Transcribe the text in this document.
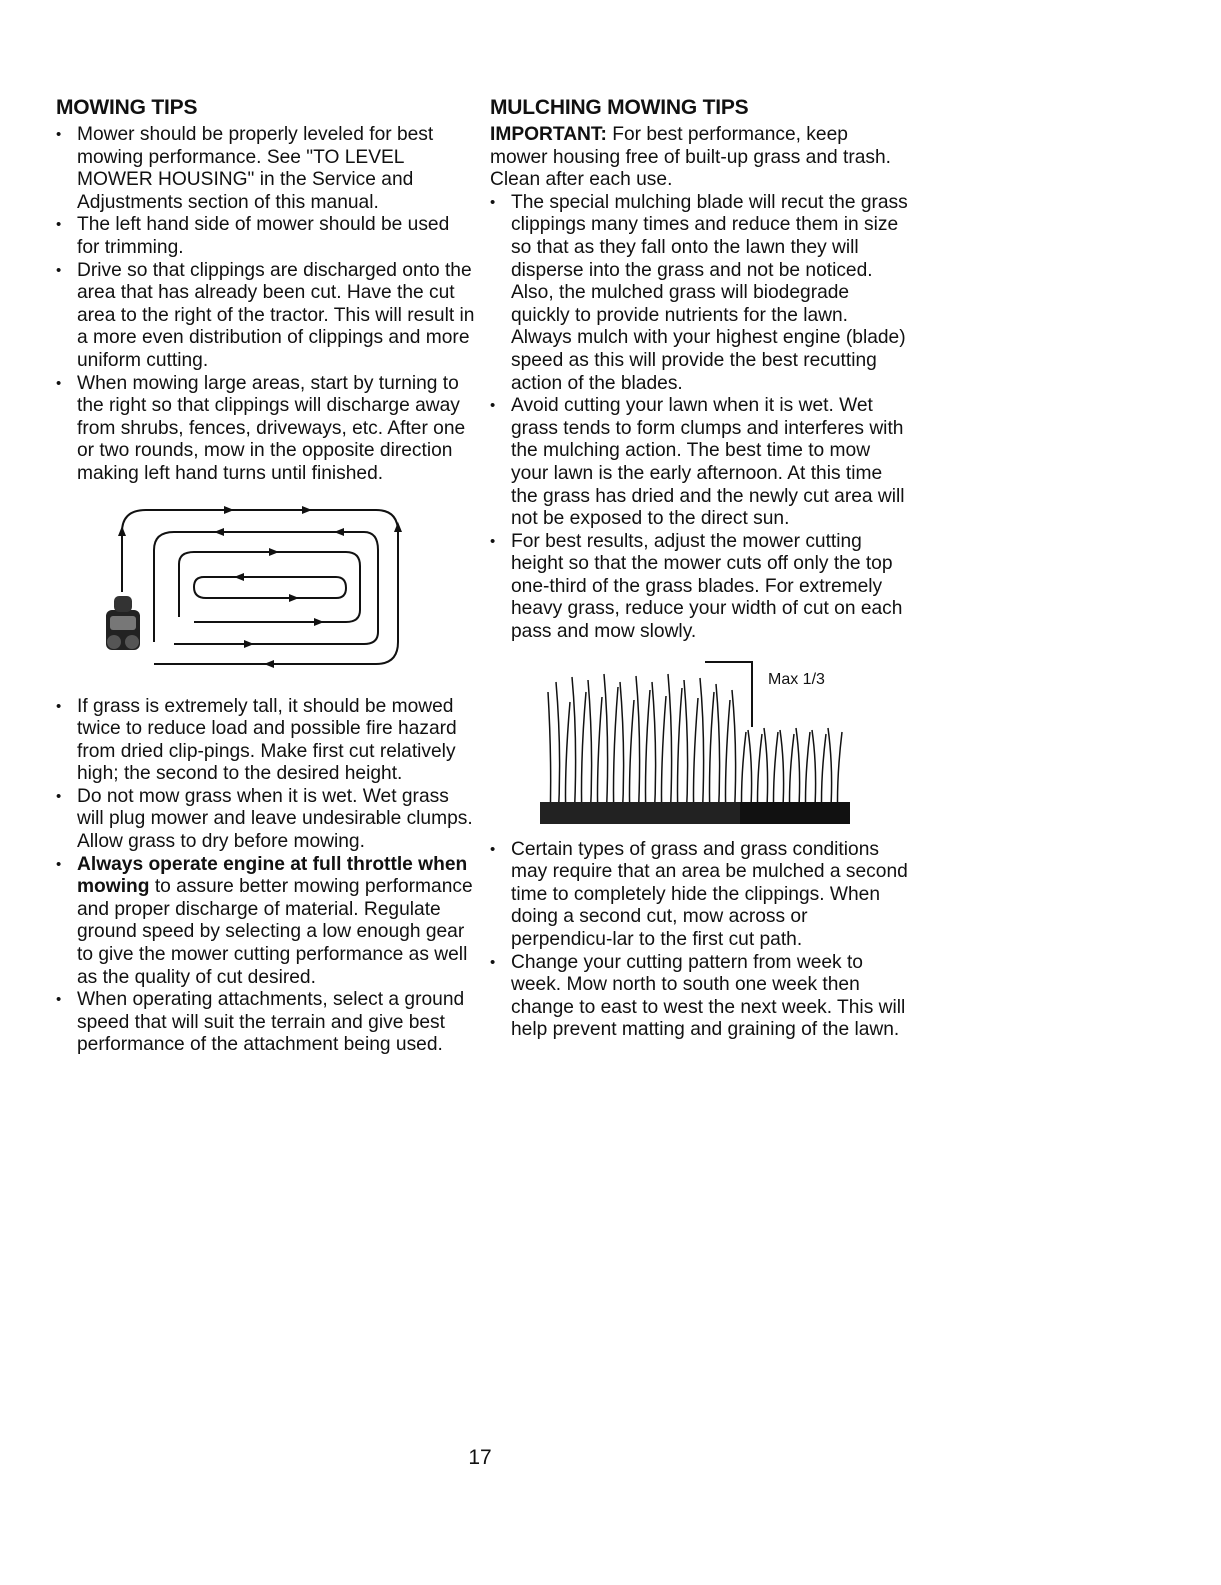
MOWING TIPS
• Mower should be properly leveled for best mowing performance. See "TO LEVEL MOWER HOUSING" in the Service and Adjustments section of this manual.
• The left hand side of mower should be used for trimming.
• Drive so that clippings are discharged onto the area that has already been cut. Have the cut area to the right of the tractor. This will result in a more even distribution of clippings and more uniform cutting.
• When mowing large areas, start by turning to the right so that clippings will discharge away from shrubs, fences, driveways, etc. After one or two rounds, mow in the opposite direction making left hand turns until finished.
• If grass is extremely tall, it should be mowed twice to reduce load and possible fire hazard from dried clip-pings. Make first cut relatively high; the second to the desired height.
• Do not mow grass when it is wet. Wet grass will plug mower and leave undesirable clumps. Allow grass to dry before mowing.
• Always operate engine at full throttle when mowing to assure better mowing performance and proper discharge of material. Regulate ground speed by selecting a low enough gear to give the mower cutting performance as well as the quality of cut desired.
• When operating attachments, select a ground speed that will suit the terrain and give best performance of the attachment being used.
MULCHING MOWING TIPS

IMPORTANT: For best performance, keep mower housing free of built-up grass and trash. Clean after each use.

• The special mulching blade will recut the grass clippings many times and reduce them in size so that as they fall onto the lawn they will disperse into the grass and not be noticed. Also, the mulched grass will biodegrade quickly to provide nutrients for the lawn. Always mulch with your highest engine (blade) speed as this will provide the best recutting action of the blades.
• Avoid cutting your lawn when it is wet. Wet grass tends to form clumps and interferes with the mulching action. The best time to mow your lawn is the early afternoon. At this time the grass has dried and the newly cut area will not be exposed to the direct sun.
• For best results, adjust the mower cutting height so that the mower cuts off only the top one-third of the grass blades. For extremely heavy grass, reduce your width of cut on each pass and mow slowly.
Max 1/3
• Certain types of grass and grass conditions may require that an area be mulched a second time to completely hide the clippings. When doing a second cut, mow across or perpendicu-lar to the first cut path.
• Change your cutting pattern from week to week. Mow north to south one week then change to east to west the next week. This will help prevent matting and graining of the lawn.
17
